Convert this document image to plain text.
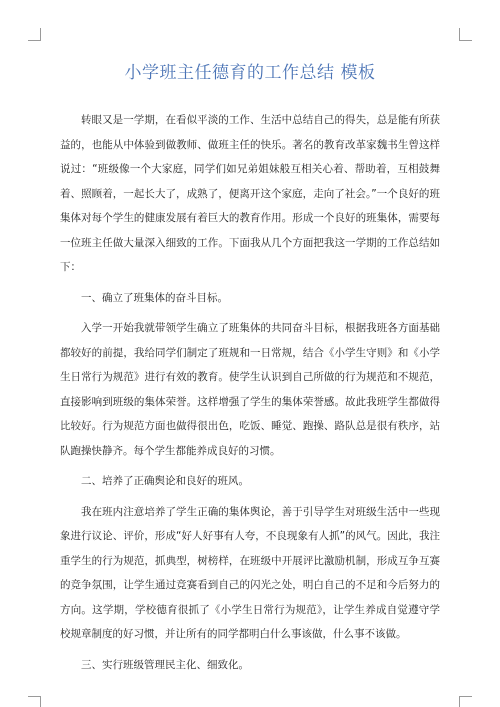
小学班主任德育的工作总结 模板

转眼又是一学期，在看似平淡的工作、生活中总结自己的得失，总是能有所获益的，也能从中体验到做教师、做班主任的快乐。著名的教育改革家魏书生曾这样说过：“班级像一个大家庭，同学们如兄弟姐妹般互相关心着、帮助着，互相鼓舞着、照顾着，一起长大了，成熟了，便离开这个家庭，走向了社会。”一个良好的班集体对每个学生的健康发展有着巨大的教育作用。形成一个良好的班集体，需要每一位班主任做大量深入细致的工作。下面我从几个方面把我这一学期的工作总结如下：

一、确立了班集体的奋斗目标。

入学一开始我就带领学生确立了班集体的共同奋斗目标，根据我班各方面基础都较好的前提，我给同学们制定了班规和一日常规，结合《小学生守则》和《小学生日常行为规范》进行有效的教育。使学生认识到自己所做的行为规范和不规范，直接影响到班级的集体荣誉。这样增强了学生的集体荣誉感。故此我班学生都做得比较好。行为规范方面也做得很出色，吃饭、睡觉、跑操、路队总是很有秩序，站队跑操快静齐。每个学生都能养成良好的习惯。

二、培养了正确舆论和良好的班风。

我在班内注意培养了学生正确的集体舆论，善于引导学生对班级生活中一些现象进行议论、评价，形成“好人好事有人夸，不良现象有人抓”的风气。因此，我注重学生的行为规范，抓典型，树榜样，在班级中开展评比激励机制，形成互争互赛的竞争氛围，让学生通过竞赛看到自己的闪光之处，明白自己的不足和今后努力的方向。这学期，学校德育很抓了《小学生日常行为规范》，让学生养成自觉遵守学校规章制度的好习惯，并让所有的同学都明白什么事该做，什么事不该做。

三、实行班级管理民主化、细致化。
